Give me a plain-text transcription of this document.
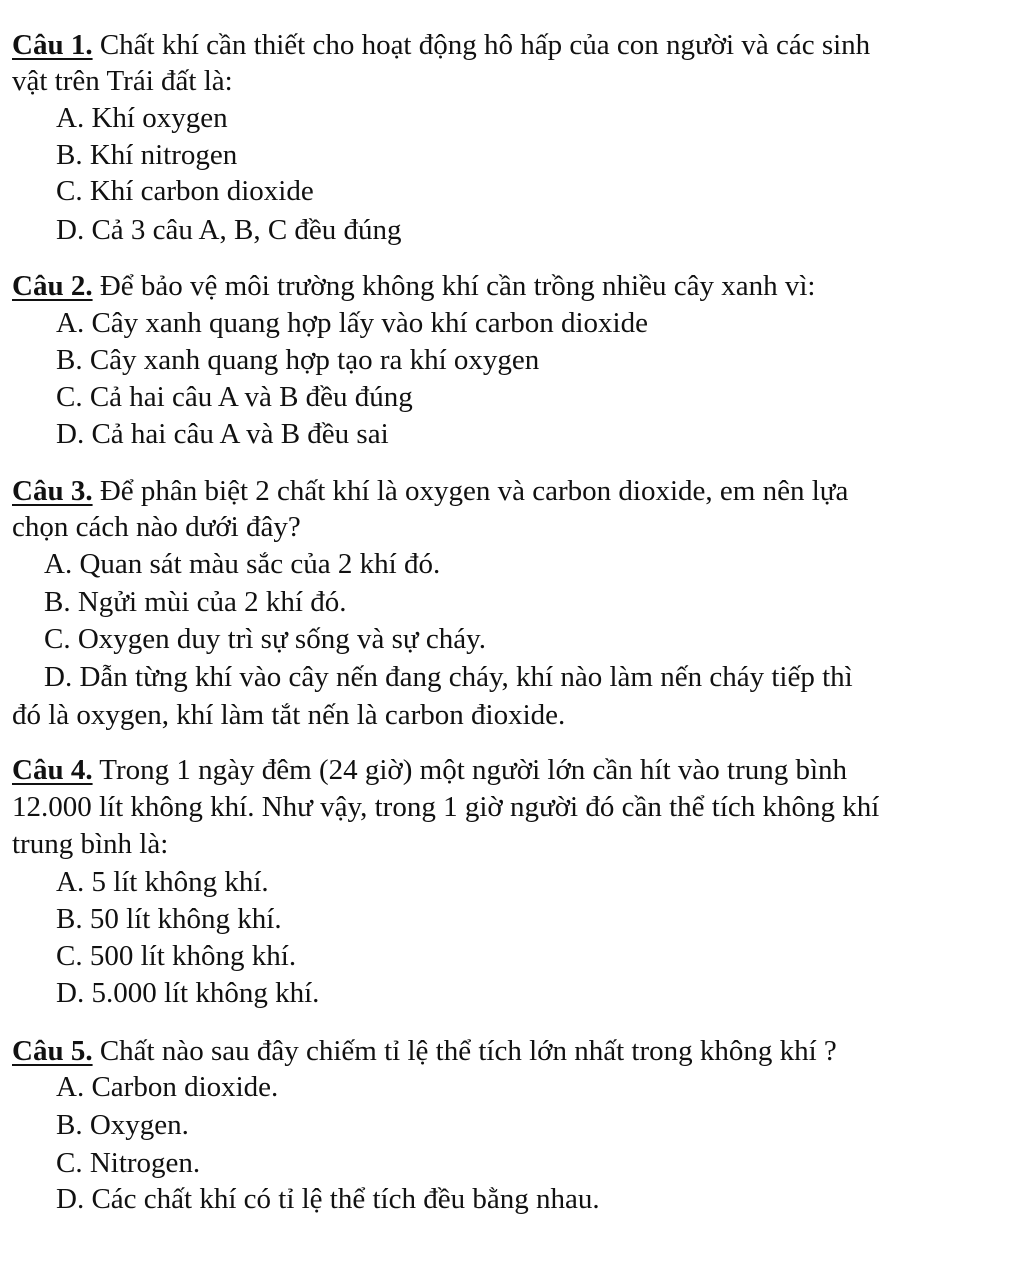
Câu 1. Chất khí cần thiết cho hoạt động hô hấp của con người và các sinh
vật trên Trái đất là:
A. Khí oxygen
B. Khí nitrogen
C. Khí carbon dioxide
D. Cả 3 câu A, B, C đều đúng
Câu 2. Để bảo vệ môi trường không khí cần trồng nhiều cây xanh vì:
A. Cây xanh quang hợp lấy vào khí carbon dioxide
B. Cây xanh quang hợp tạo ra khí oxygen
C. Cả hai câu A và B đều đúng
D. Cả hai câu A và B đều sai
Câu 3. Để phân biệt 2 chất khí là oxygen và carbon dioxide, em nên lựa
chọn cách nào dưới đây?
A. Quan sát màu sắc của 2 khí đó.
B. Ngửi mùi của 2 khí đó.
C. Oxygen duy trì sự sống và sự cháy.
D. Dẫn từng khí vào cây nến đang cháy, khí nào làm nến cháy tiếp thì
đó là oxygen, khí làm tắt nến là carbon đioxide.
Câu 4. Trong 1 ngày đêm (24 giờ) một người lớn cần hít vào trung bình
12.000 lít không khí. Như vậy, trong 1 giờ người đó cần thể tích không khí
trung bình là:
A. 5 lít không khí.
B. 50 lít không khí.
C. 500 lít không khí.
D. 5.000 lít không khí.
Câu 5. Chất nào sau đây chiếm tỉ lệ thể tích lớn nhất trong không khí ?
A. Carbon dioxide.
B. Oxygen.
C. Nitrogen.
D. Các chất khí có tỉ lệ thể tích đều bằng nhau.
